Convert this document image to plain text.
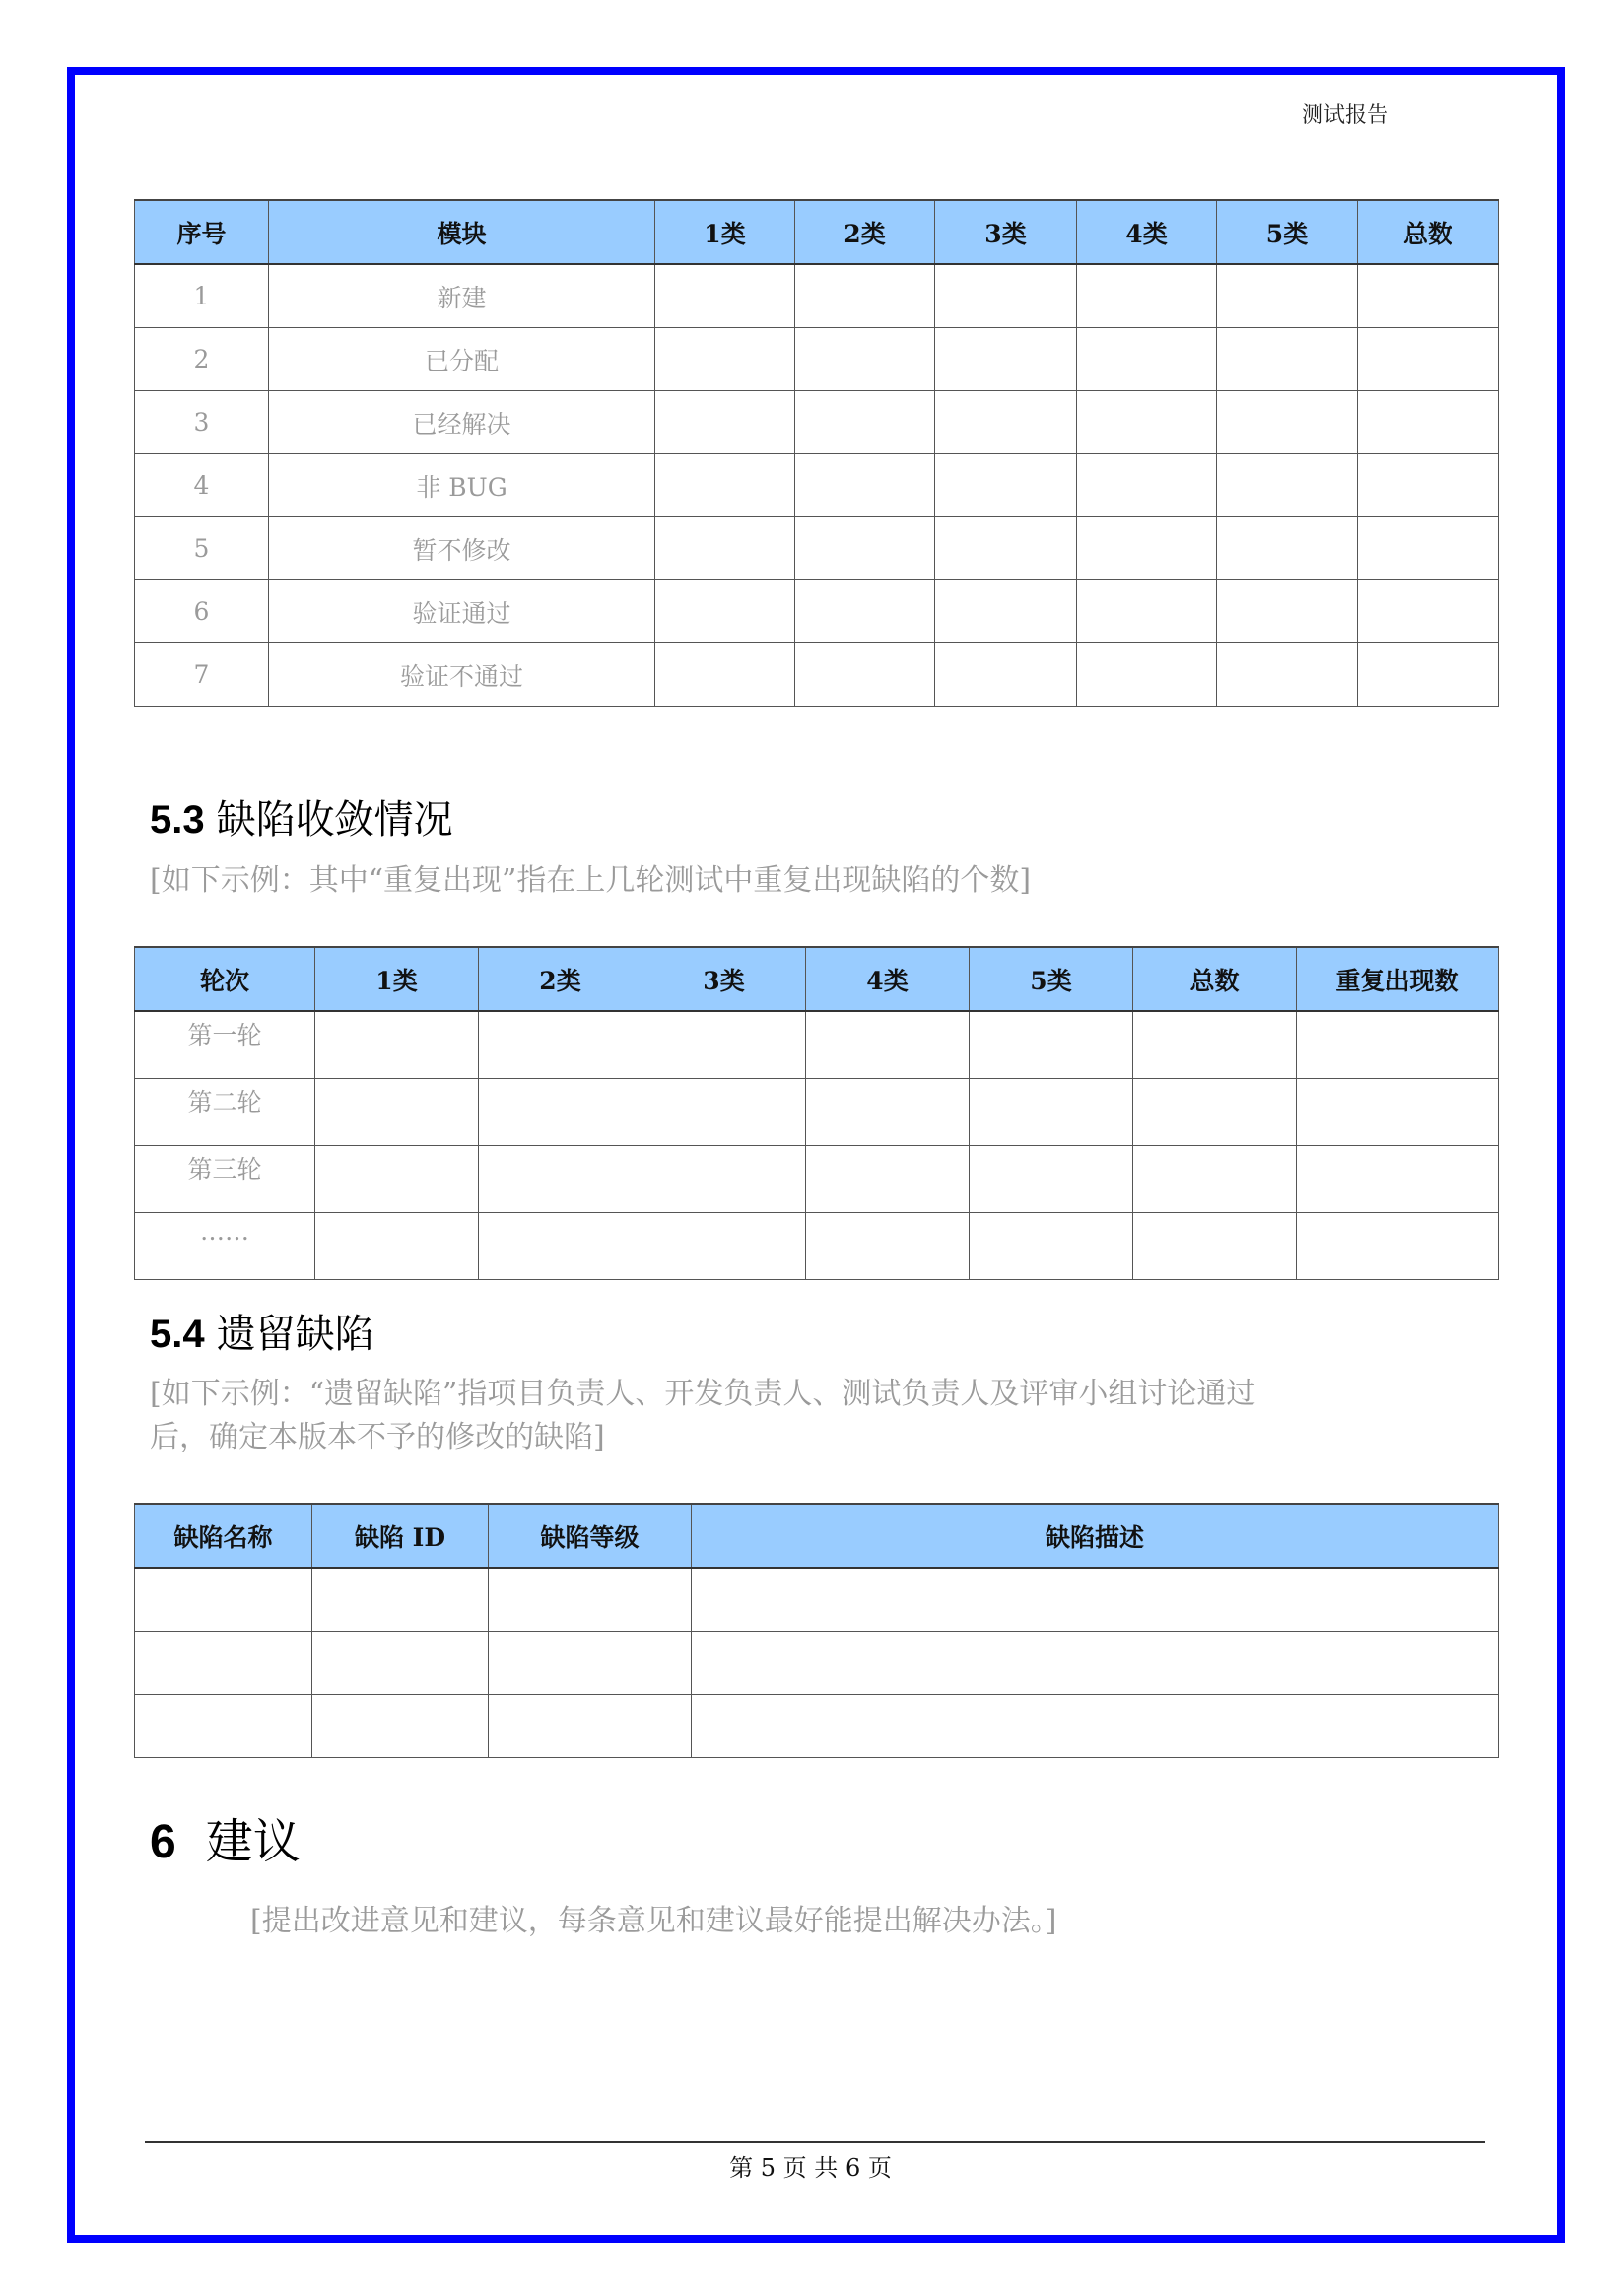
测试报告
序号	模块	1类	2类	3类	4类	5类	总数
1	新建						
2	已分配						
3	已经解决						
4	非 BUG						
5	暂不修改						
6	验证通过						
7	验证不通过						
5.3 缺陷收敛情况
[如下示例：其中“重复出现”指在上几轮测试中重复出现缺陷的个数]
轮次	1类	2类	3类	4类	5类	总数	重复出现数
第一轮							
第二轮							
第三轮							
……							
5.4 遗留缺陷
[如下示例：“遗留缺陷”指项目负责人、开发负责人、测试负责人及评审小组讨论通过
后，确定本版本不予的修改的缺陷]
缺陷名称	缺陷 ID	缺陷等级	缺陷描述

6 建议
[提出改进意见和建议，每条意见和建议最好能提出解决办法。]
第 5 页 共 6 页
